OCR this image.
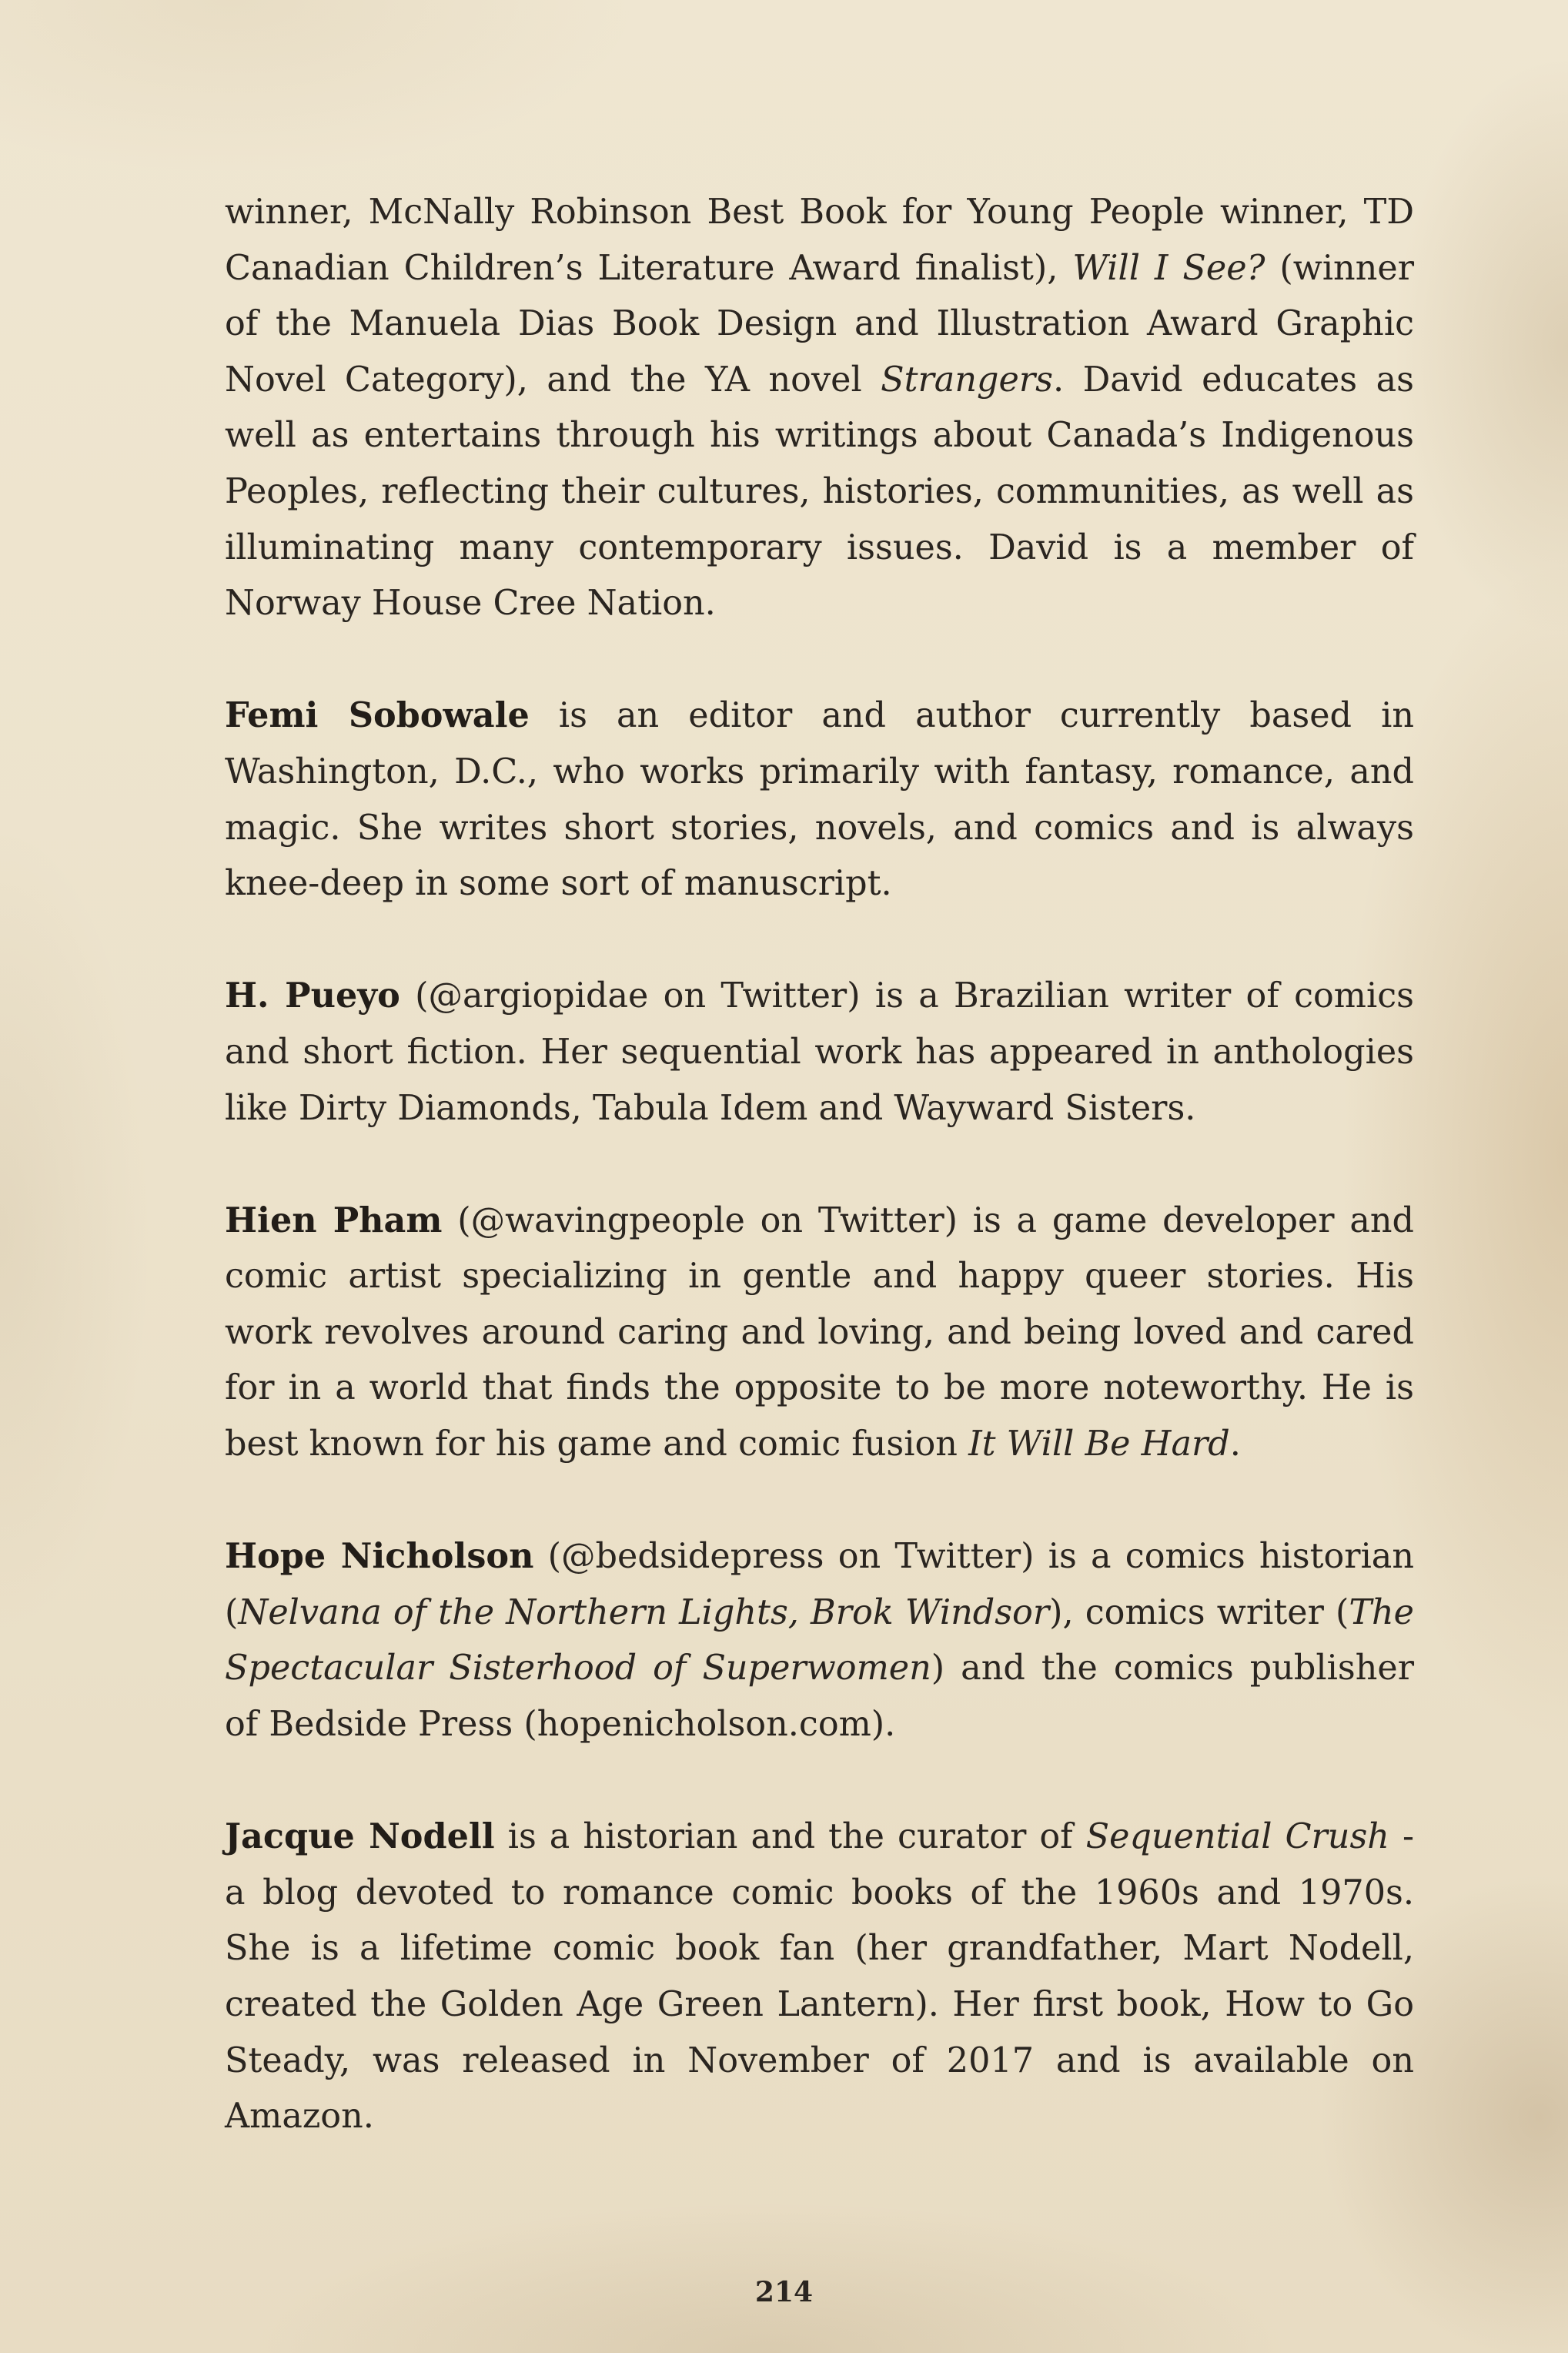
winner, McNally Robinson Best Book for Young People winner, TD Canadian Children’s Literature Award finalist), Will I See? (winner of the Manuela Dias Book Design and Illustration Award Graphic Novel Category), and the YA novel Strangers. David educates as well as entertains through his writings about Canada’s Indigenous Peoples, reflecting their cultures, histories, communities, as well as illuminating many contemporary issues. David is a member of Norway House Cree Nation.

Femi Sobowale is an editor and author currently based in Washington, D.C., who works primarily with fantasy, romance, and magic. She writes short stories, novels, and comics and is always knee-deep in some sort of manuscript.

H. Pueyo (@argiopidae on Twitter) is a Brazilian writer of comics and short fiction. Her sequential work has appeared in anthologies like Dirty Diamonds, Tabula Idem and Wayward Sisters.

Hien Pham (@wavingpeople on Twitter) is a game developer and comic artist specializing in gentle and happy queer stories. His work revolves around caring and loving, and being loved and cared for in a world that finds the opposite to be more noteworthy. He is best known for his game and comic fusion It Will Be Hard.

Hope Nicholson (@bedsidepress on Twitter) is a comics historian (Nelvana of the Northern Lights, Brok Windsor), comics writer (The Spectacular Sisterhood of Superwomen) and the comics publisher of Bedside Press (hopenicholson.com).

Jacque Nodell is a historian and the curator of Sequential Crush - a blog devoted to romance comic books of the 1960s and 1970s. She is a lifetime comic book fan (her grandfather, Mart Nodell, created the Golden Age Green Lantern). Her first book, How to Go Steady, was released in November of 2017 and is available on Amazon.

214
